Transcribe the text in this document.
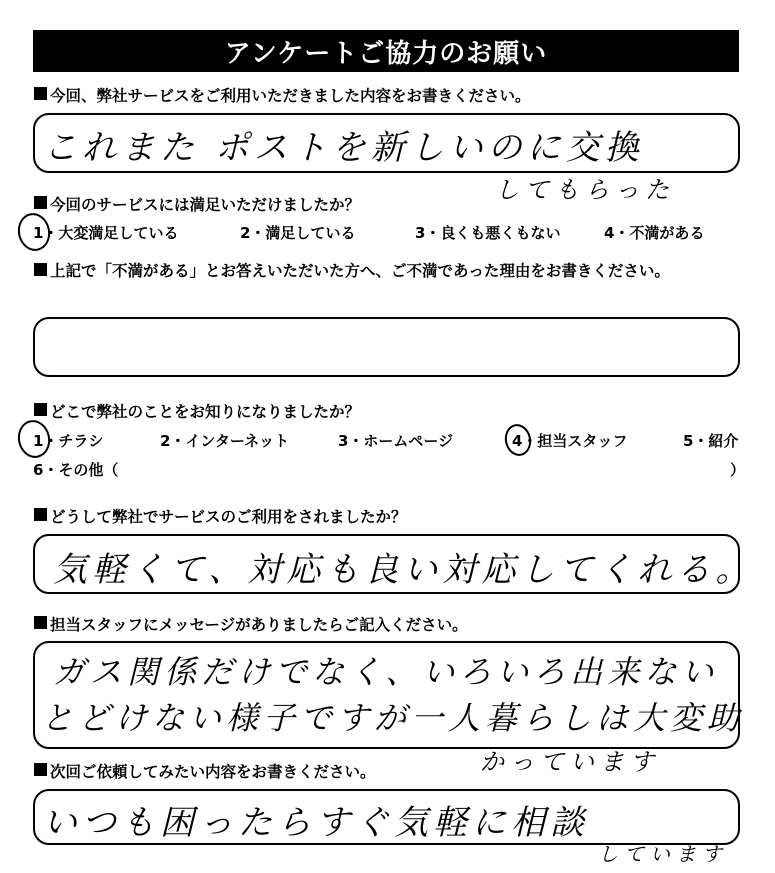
アンケートご協力のお願い
今回、弊社サービスをご利用いただきました内容をお書きください。
これまた ポストを新しいのに交換
してもらった
今回のサービスには満足いただけましたか？
1・大変満足している	2・満足している	3・良くも悪くもない	4・不満がある
上記で「不満がある」とお答えいただいた方へ、ご不満であった理由をお書きください。
どこで弊社のことをお知りになりましたか？
1・チラシ	2・インターネット	3・ホームページ	4・担当スタッフ	5・紹介
6・その他（	）
どうして弊社でサービスのご利用をされましたか？
気軽くて、対応も良い対応してくれる。
担当スタッフにメッセージがありましたらご記入ください。
ガス関係だけでなく、いろいろ出来ない
とどけない様子ですが一人暮らしは大変助
かっています
次回ご依頼してみたい内容をお書きください。
いつも困ったらすぐ気軽に相談
しています
